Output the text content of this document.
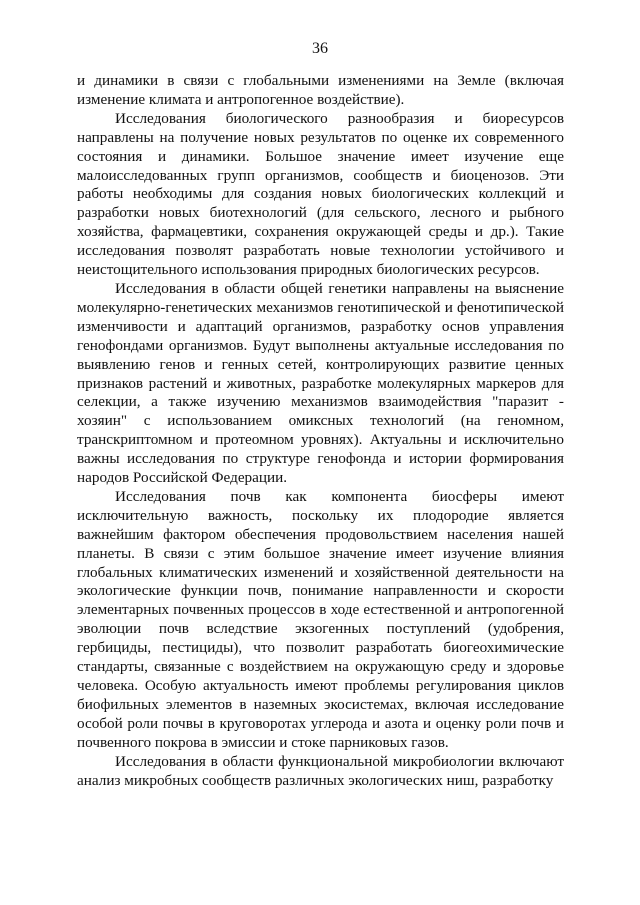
36

и динамики в связи с глобальными изменениями на Земле (включая изменение климата и антропогенное воздействие).

Исследования биологического разнообразия и биоресурсов направлены на получение новых результатов по оценке их современного состояния и динамики. Большое значение имеет изучение еще малоисследованных групп организмов, сообществ и биоценозов. Эти работы необходимы для создания новых биологических коллекций и разработки новых биотехнологий (для сельского, лесного и рыбного хозяйства, фармацевтики, сохранения окружающей среды и др.). Такие исследования позволят разработать новые технологии устойчивого и неистощительного использования природных биологических ресурсов.

Исследования в области общей генетики направлены на выяснение молекулярно-генетических механизмов генотипической и фенотипической изменчивости и адаптаций организмов, разработку основ управления генофондами организмов. Будут выполнены актуальные исследования по выявлению генов и генных сетей, контролирующих развитие ценных признаков растений и животных, разработке молекулярных маркеров для селекции, а также изучению механизмов взаимодействия "паразит - хозяин" с использованием омиксных технологий (на геномном, транскриптомном и протеомном уровнях). Актуальны и исключительно важны исследования по структуре генофонда и истории формирования народов Российской Федерации.

Исследования почв как компонента биосферы имеют исключительную важность, поскольку их плодородие является важнейшим фактором обеспечения продовольствием населения нашей планеты. В связи с этим большое значение имеет изучение влияния глобальных климатических изменений и хозяйственной деятельности на экологические функции почв, понимание направленности и скорости элементарных почвенных процессов в ходе естественной и антропогенной эволюции почв вследствие экзогенных поступлений (удобрения, гербициды, пестициды), что позволит разработать биогеохимические стандарты, связанные с воздействием на окружающую среду и здоровье человека. Особую актуальность имеют проблемы регулирования циклов биофильных элементов в наземных экосистемах, включая исследование особой роли почвы в круговоротах углерода и азота и оценку роли почв и почвенного покрова в эмиссии и стоке парниковых газов.

Исследования в области функциональной микробиологии включают анализ микробных сообществ различных экологических ниш, разработку
